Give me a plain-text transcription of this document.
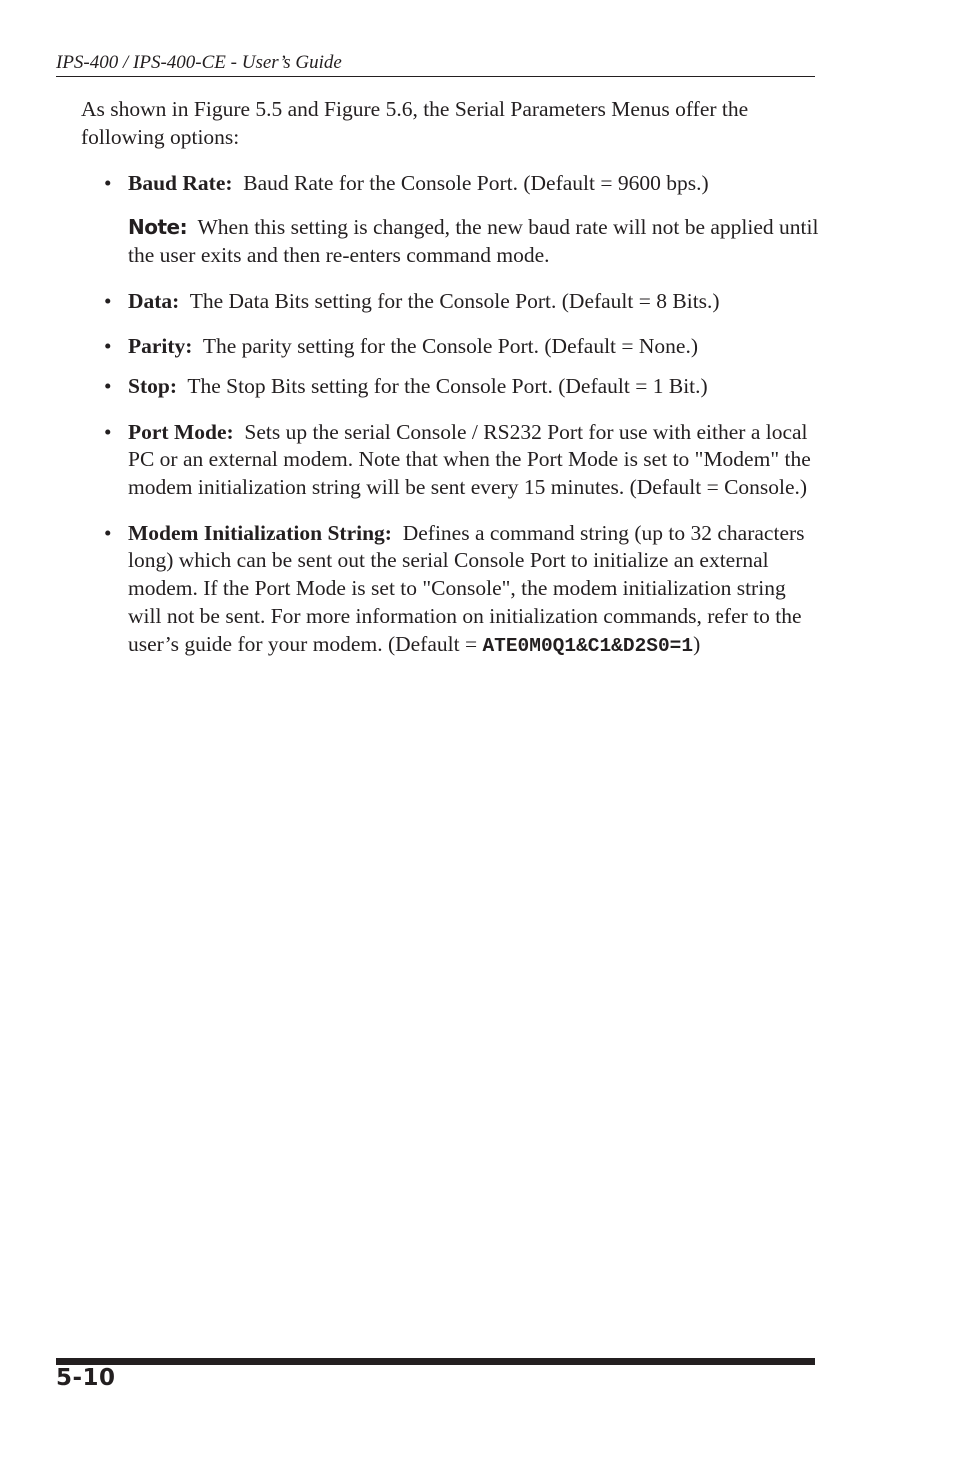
IPS-400 / IPS-400-CE - User’s Guide

As shown in Figure 5.5 and Figure 5.6, the Serial Parameters Menus offer the following options:

• Baud Rate: Baud Rate for the Console Port. (Default = 9600 bps.)
Note: When this setting is changed, the new baud rate will not be applied until the user exits and then re-enters command mode.
• Data: The Data Bits setting for the Console Port. (Default = 8 Bits.)
• Parity: The parity setting for the Console Port. (Default = None.)
• Stop: The Stop Bits setting for the Console Port. (Default = 1 Bit.)
• Port Mode: Sets up the serial Console / RS232 Port for use with either a local PC or an external modem. Note that when the Port Mode is set to "Modem" the modem initialization string will be sent every 15 minutes. (Default = Console.)
• Modem Initialization String: Defines a command string (up to 32 characters long) which can be sent out the serial Console Port to initialize an external modem. If the Port Mode is set to "Console", the modem initialization string will not be sent. For more information on initialization commands, refer to the user’s guide for your modem. (Default = ATE0M0Q1&C1&D2S0=1)
5-10
